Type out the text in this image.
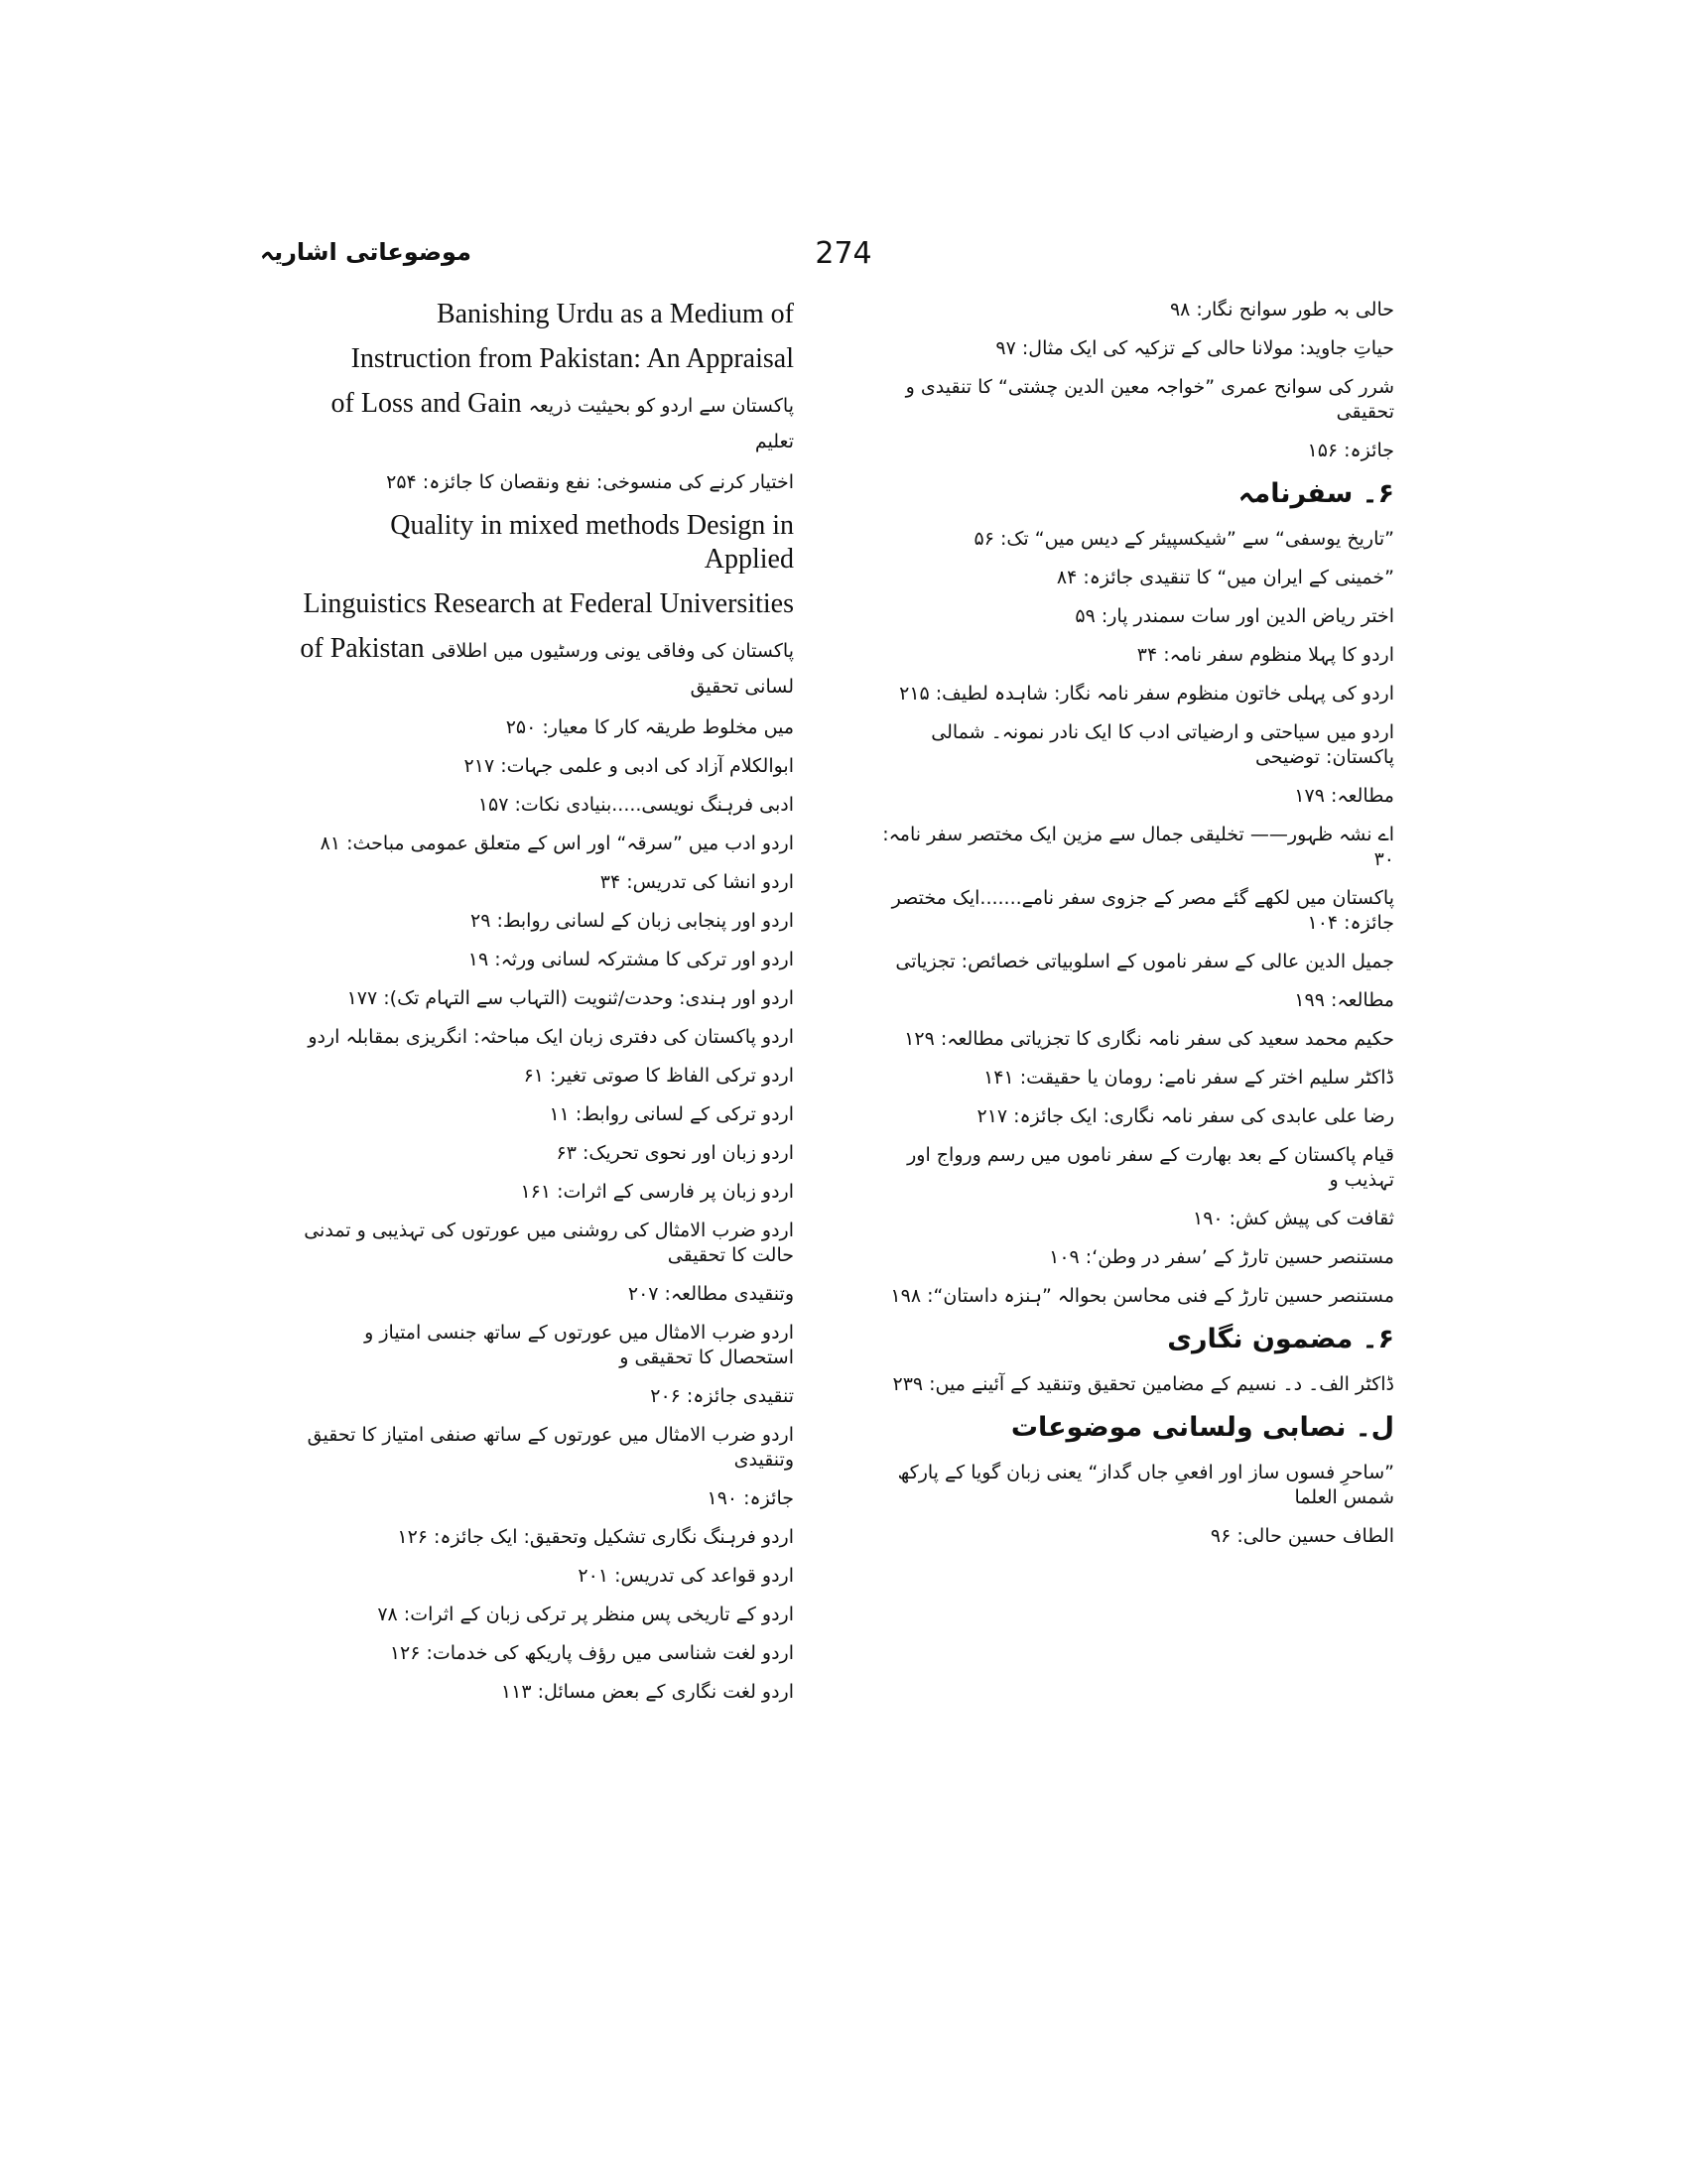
274
موضوعاتی اشاریہ
Banishing Urdu as a Medium of
Instruction from Pakistan: An Appraisal
of Loss and Gain پاکستان سے اردو کو بحیثیت ذریعہ تعلیم
اختیار کرنے کی منسوخی: نفع ونقصان کا جائزہ: ۲۵۴
Quality in mixed methods Design in Applied
Linguistics Research at Federal Universities
of Pakistan پاکستان کی وفاقی یونی ورسٹیوں میں اطلاقی لسانی تحقیق
میں مخلوط طریقہ کار کا معیار: ۲۵۰
ابوالکلام آزاد کی ادبی و علمی جہات: ۲۱۷
ادبی فرہنگ نویسی.....بنیادی نکات: ۱۵۷
اردو ادب میں ”سرقہ“ اور اس کے متعلق عمومی مباحث: ۸۱
اردو انشا کی تدریس: ۳۴
اردو اور پنجابی زبان کے لسانی روابط: ۲۹
اردو اور ترکی کا مشترکہ لسانی ورثہ: ۱۹
اردو اور ہندی: وحدت/ثنویت (التہاب سے التہام تک): ۱۷۷
اردو پاکستان کی دفتری زبان ایک مباحثہ: انگریزی بمقابلہ اردو
اردو ترکی الفاظ کا صوتی تغیر: ۶۱
اردو ترکی کے لسانی روابط: ۱۱
اردو زبان اور نحوی تحریک: ۶۳
اردو زبان پر فارسی کے اثرات: ۱۶۱
اردو ضرب الامثال کی روشنی میں عورتوں کی تہذیبی و تمدنی حالت کا تحقیقی
وتنقیدی مطالعہ: ۲۰۷
اردو ضرب الامثال میں عورتوں کے ساتھ جنسی امتیاز و استحصال کا تحقیقی و
تنقیدی جائزہ: ۲۰۶
اردو ضرب الامثال میں عورتوں کے ساتھ صنفی امتیاز کا تحقیق وتنقیدی
جائزہ: ۱۹۰
اردو فرہنگ نگاری تشکیل وتحقیق: ایک جائزہ: ۱۲۶
اردو قواعد کی تدریس: ۲۰۱
اردو کے تاریخی پس منظر پر ترکی زبان کے اثرات: ۷۸
اردو لغت شناسی میں رؤف پاریکھ کی خدمات: ۱۲۶
اردو لغت نگاری کے بعض مسائل: ۱۱۳
حالی بہ طور سوانح نگار: ۹۸
حیاتِ جاوید: مولانا حالی کے تزکیہ کی ایک مثال: ۹۷
شرر کی سوانح عمری ”خواجہ معین الدین چشتی“ کا تنقیدی و تحقیقی
جائزہ: ۱۵۶
۶۔ سفرنامہ
”تاریخ یوسفی“ سے ”شیکسپیئر کے دیس میں“ تک: ۵۶
”خمینی کے ایران میں“ کا تنقیدی جائزہ: ۸۴
اختر ریاض الدین اور سات سمندر پار: ۵۹
اردو کا پہلا منظوم سفر نامہ: ۳۴
اردو کی پہلی خاتون منظوم سفر نامہ نگار: شاہدہ لطیف: ۲۱۵
اردو میں سیاحتی و ارضیاتی ادب کا ایک نادر نمونہ۔ شمالی پاکستان: توضیحی
مطالعہ: ۱۷۹
اے نشہ ظہور—— تخلیقی جمال سے مزین ایک مختصر سفر نامہ: ۳۰
پاکستان میں لکھے گئے مصر کے جزوی سفر نامے.......ایک مختصر جائزہ: ۱۰۴
جمیل الدین عالی کے سفر ناموں کے اسلوبیاتی خصائص: تجزیاتی
مطالعہ: ۱۹۹
حکیم محمد سعید کی سفر نامہ نگاری کا تجزیاتی مطالعہ: ۱۲۹
ڈاکٹر سلیم اختر کے سفر نامے: رومان یا حقیقت: ۱۴۱
رضا علی عابدی کی سفر نامہ نگاری: ایک جائزہ: ۲۱۷
قیام پاکستان کے بعد بھارت کے سفر ناموں میں رسم ورواج اور تہذیب و
ثقافت کی پیش کش: ۱۹۰
مستنصر حسین تارڑ کے ’سفر در وطن‘: ۱۰۹
مستنصر حسین تارڑ کے فنی محاسن بحوالہ ”ہنزہ داستان“: ۱۹۸
۶۔ مضمون نگاری
ڈاکٹر الف۔ د۔ نسیم کے مضامین تحقیق وتنقید کے آئینے میں: ۲۳۹
ل۔ نصابی ولسانی موضوعات
”ساحرِ فسوں ساز اور افعیِ جاں گداز“ یعنی زبان گویا کے پارکھ شمس العلما
الطاف حسین حالی: ۹۶
